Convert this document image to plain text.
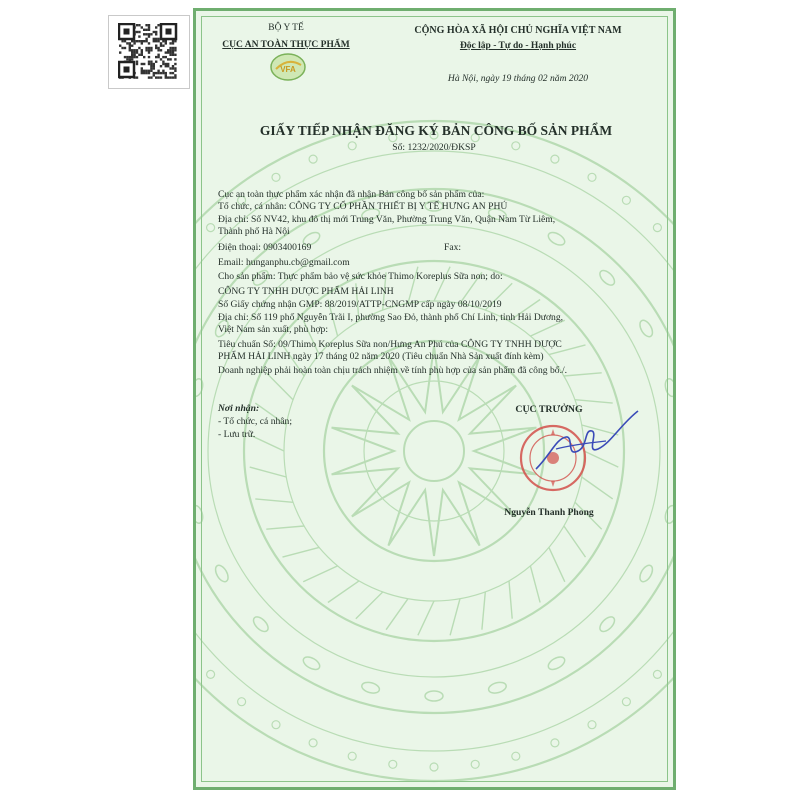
BỘ Y TẾ
CỤC AN TOÀN THỰC PHẨM
VFA
CỘNG HÒA XÃ HỘI CHỦ NGHĨA VIỆT NAM
Độc lập - Tự do - Hạnh phúc
Hà Nội, ngày 19 tháng 02 năm 2020
GIẤY TIẾP NHẬN ĐĂNG KÝ BẢN CÔNG BỐ SẢN PHẨM
Số: 1232/2020/ĐKSP
Cục an toàn thực phẩm xác nhận đã nhận Bản công bố sản phẩm của:
Tổ chức, cá nhân: CÔNG TY CỔ PHẦN THIẾT BỊ Y TẾ HƯNG AN PHÚ
Địa chỉ: Số NV42, khu đô thị mới Trung Văn, Phường Trung Văn, Quận Nam Từ Liêm,
Thành phố Hà Nội
Điện thoại: 0903400169	Fax:
Email: hunganphu.cb@gmail.com
Cho sản phẩm: Thực phẩm bảo vệ sức khỏe Thimo Koreplus Sữa non; do:
CÔNG TY TNHH DƯỢC PHẨM HẢI LINH
Số Giấy chứng nhận GMP: 88/2019/ATTP-CNGMP cấp ngày 08/10/2019
Địa chỉ: Số 119 phố Nguyễn Trãi I, phường Sao Đỏ, thành phố Chí Linh, tỉnh Hải Dương,
Việt Nam sản xuất, phù hợp:
Tiêu chuẩn Số: 09/Thimo Koreplus Sữa non/Hưng An Phú của CÔNG TY TNHH DƯỢC
PHẨM HẢI LINH ngày 17 tháng 02 năm 2020 (Tiêu chuẩn Nhà Sản xuất đính kèm)
Doanh nghiệp phải hoàn toàn chịu trách nhiệm về tính phù hợp của sản phẩm đã công bố./.
Nơi nhận:
- Tổ chức, cá nhân;
- Lưu trữ.
CỤC TRƯỞNG
Nguyễn Thanh Phong
